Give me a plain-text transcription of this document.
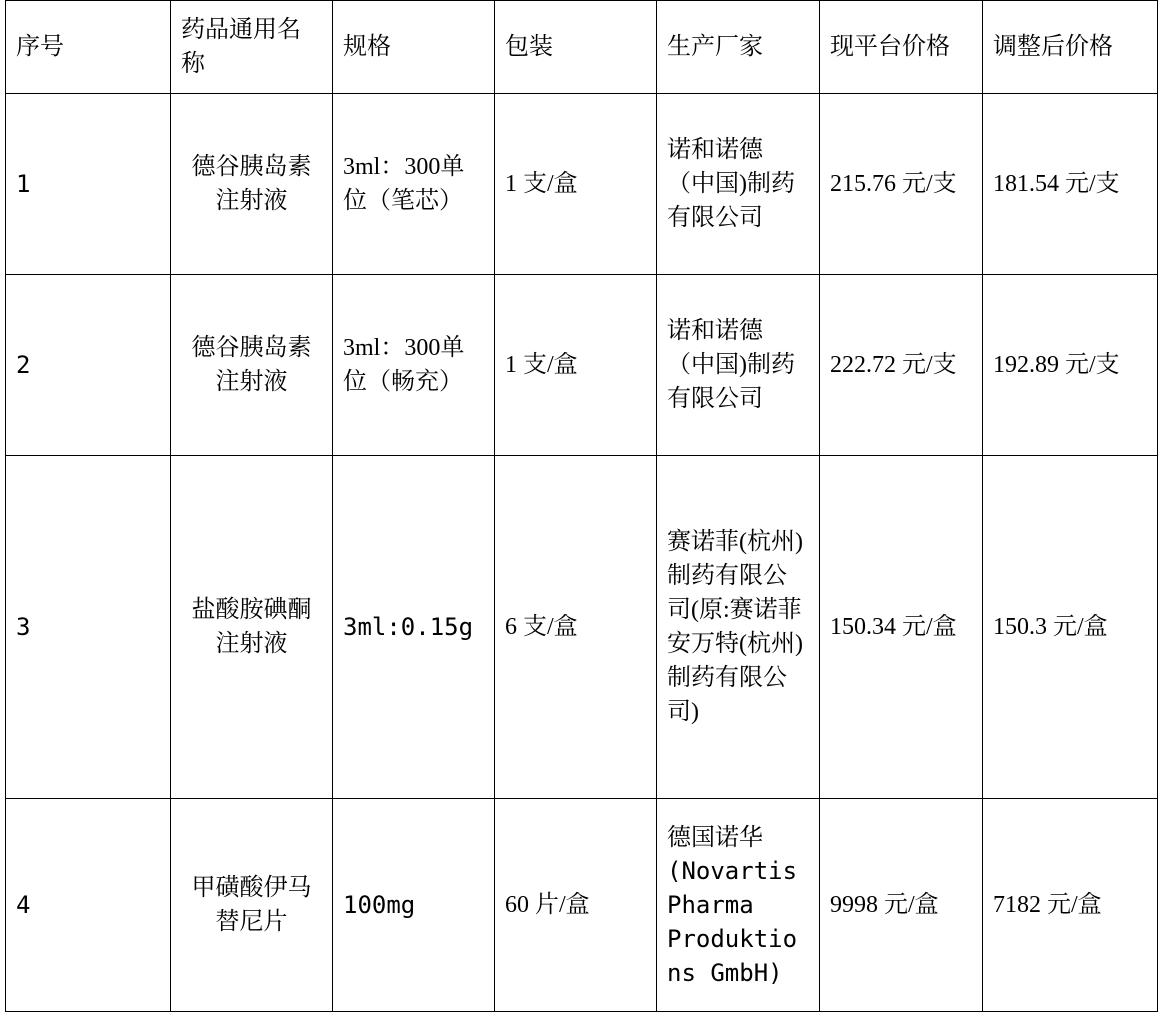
序号	药品通用名称	规格	包装	生产厂家	现平台价格	调整后价格
1	德谷胰岛素注射液	3ml：300单位（笔芯）	1 支/盒	诺和诺德（中国)制药有限公司	215.76 元/支	181.54 元/支
2	德谷胰岛素注射液	3ml：300单位（畅充）	1 支/盒	诺和诺德（中国)制药有限公司	222.72 元/支	192.89 元/支
3	盐酸胺碘酮注射液	3ml:0.15g	6 支/盒	赛诺菲(杭州)制药有限公司(原:赛诺菲安万特(杭州)制药有限公司)	150.34 元/盒	150.3 元/盒
4	甲磺酸伊马替尼片	100mg	60 片/盒	德国诺华(Novartis Pharma Produktions GmbH)	9998 元/盒	7182 元/盒
